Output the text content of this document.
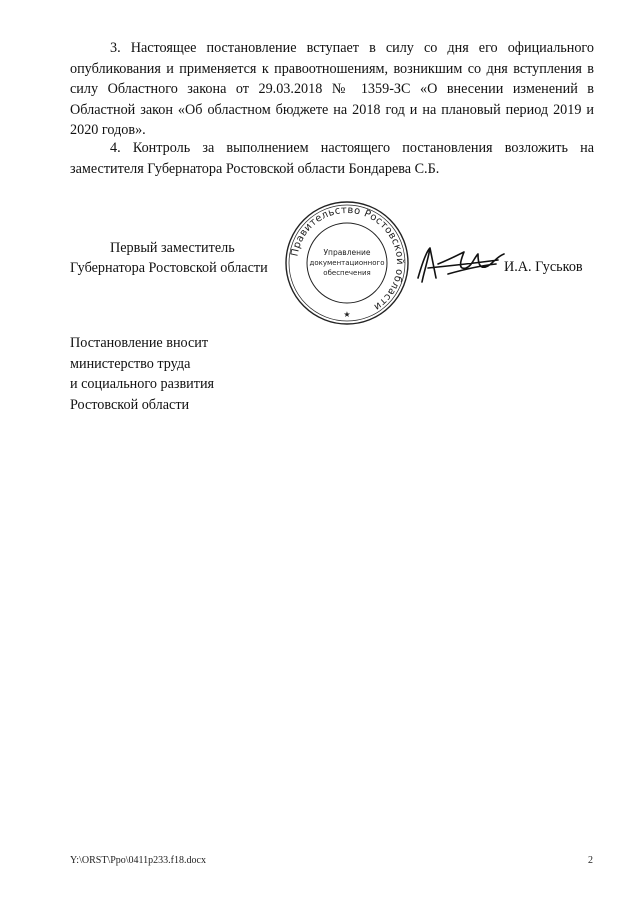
3. Настоящее постановление вступает в силу со дня его официального опубликования и применяется к правоотношениям, возникшим со дня вступления в силу Областного закона от 29.03.2018 № 1359-ЗС «О внесении изменений в Областной закон «Об областном бюджете на 2018 год и на плановый период 2019 и 2020 годов».

4. Контроль за выполнением настоящего постановления возложить на заместителя Губернатора Ростовской области Бондарева С.Б.

Первый заместитель
Губернатора Ростовской области
Правительство Ростовской области
Управление
документационного
обеспечения
★
И.А. Гуськов
Постановление вносит
министерство труда
и социального развития
Ростовской области
Y:\ORST\Ppo\0411p233.f18.docx	2
